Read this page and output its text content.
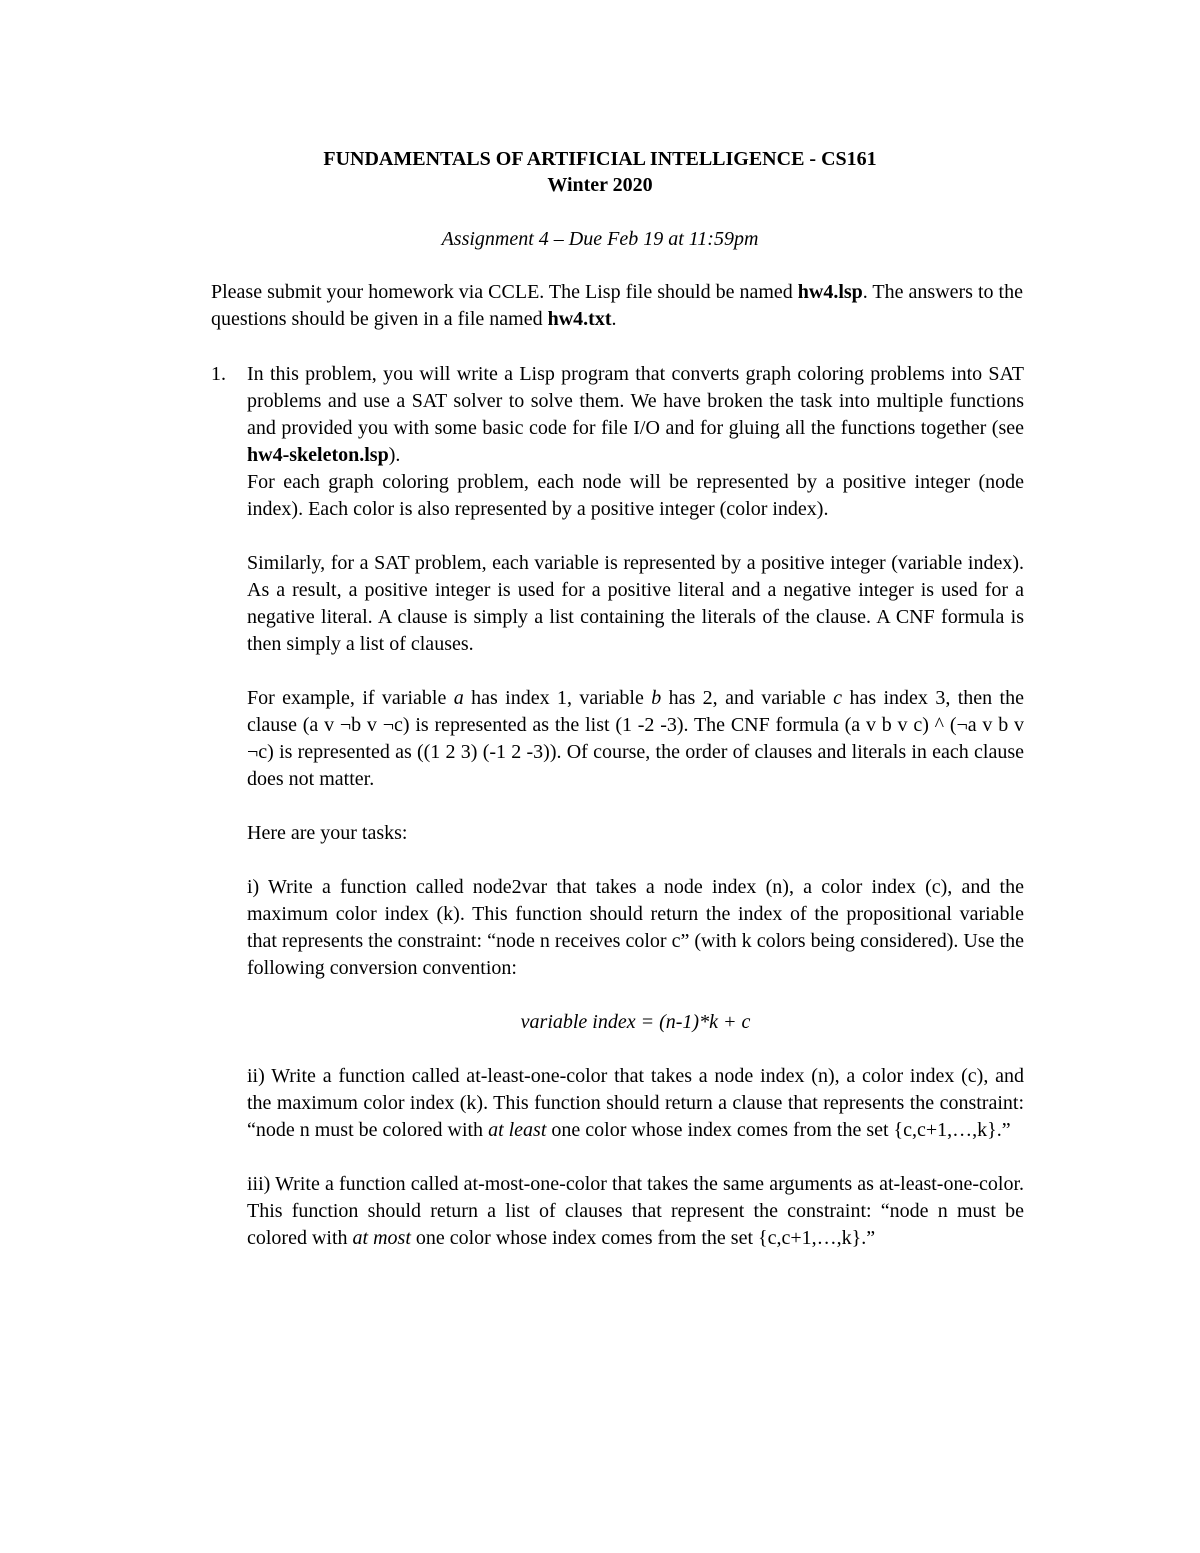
FUNDAMENTALS OF ARTIFICIAL INTELLIGENCE - CS161
Winter 2020
Assignment 4 – Due Feb 19 at 11:59pm
Please submit your homework via CCLE. The Lisp file should be named hw4.lsp. The answers to the questions should be given in a file named hw4.txt.
1. In this problem, you will write a Lisp program that converts graph coloring problems into SAT problems and use a SAT solver to solve them. We have broken the task into multiple functions and provided you with some basic code for file I/O and for gluing all the functions together (see hw4-skeleton.lsp).

For each graph coloring problem, each node will be represented by a positive integer (node index). Each color is also represented by a positive integer (color index).

Similarly, for a SAT problem, each variable is represented by a positive integer (variable index). As a result, a positive integer is used for a positive literal and a negative integer is used for a negative literal. A clause is simply a list containing the literals of the clause. A CNF formula is then simply a list of clauses.

For example, if variable a has index 1, variable b has 2, and variable c has index 3, then the clause (a v ¬b v ¬c) is represented as the list (1 -2 -3). The CNF formula (a v b v c) ^ (¬a v b v ¬c) is represented as ((1 2 3) (-1 2 -3)). Of course, the order of clauses and literals in each clause does not matter.

Here are your tasks:

i) Write a function called node2var that takes a node index (n), a color index (c), and the maximum color index (k). This function should return the index of the propositional variable that represents the constraint: “node n receives color c” (with k colors being considered). Use the following conversion convention:

variable index = (n-1)*k + c

ii) Write a function called at-least-one-color that takes a node index (n), a color index (c), and the maximum color index (k). This function should return a clause that represents the constraint: “node n must be colored with at least one color whose index comes from the set {c,c+1,…,k}.”

iii) Write a function called at-most-one-color that takes the same arguments as at-least-one-color. This function should return a list of clauses that represent the constraint: “node n must be colored with at most one color whose index comes from the set {c,c+1,…,k}.”
